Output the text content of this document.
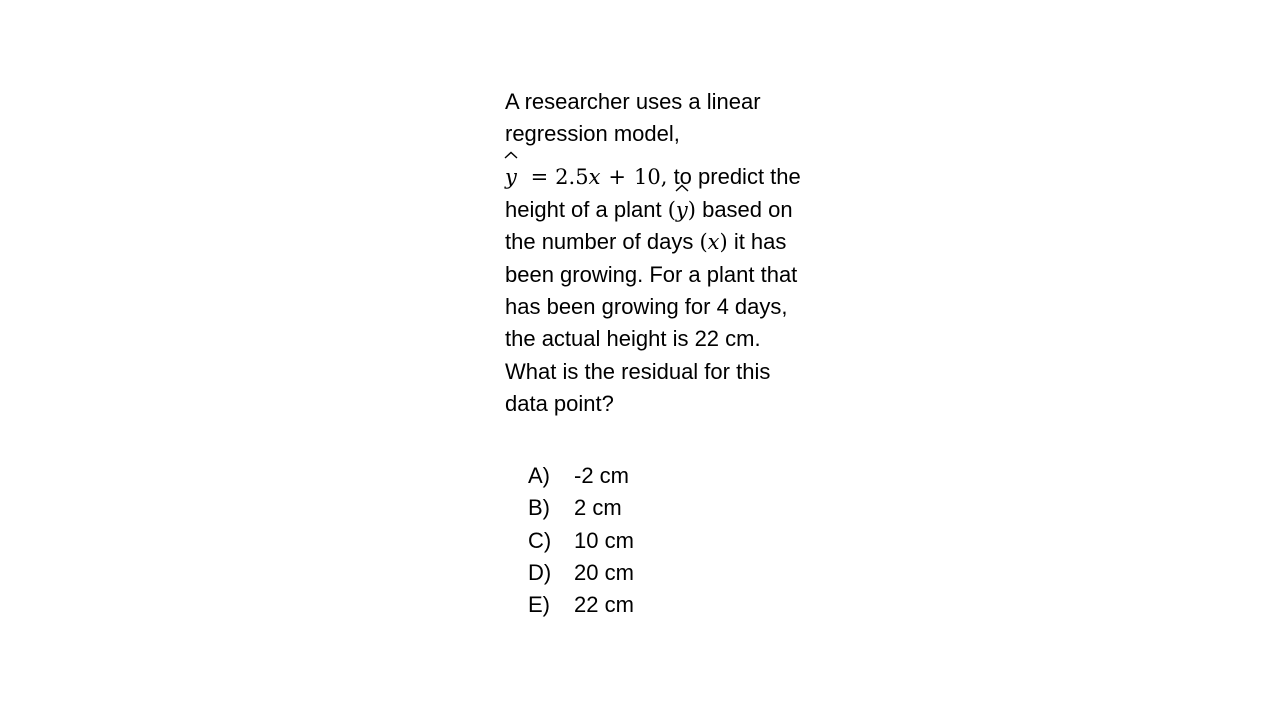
A researcher uses a linear
regression model,
y = 2.5x + 10, to predict the
height of a plant (
y) based on
the number of days (x) it has
been growing. For a plant that
has been growing for 4 days,
the actual height is 22 cm.
What is the residual for this
data point?
A) -2 cm
B) 2 cm
C) 10 cm
D) 20 cm
E) 22 cm
